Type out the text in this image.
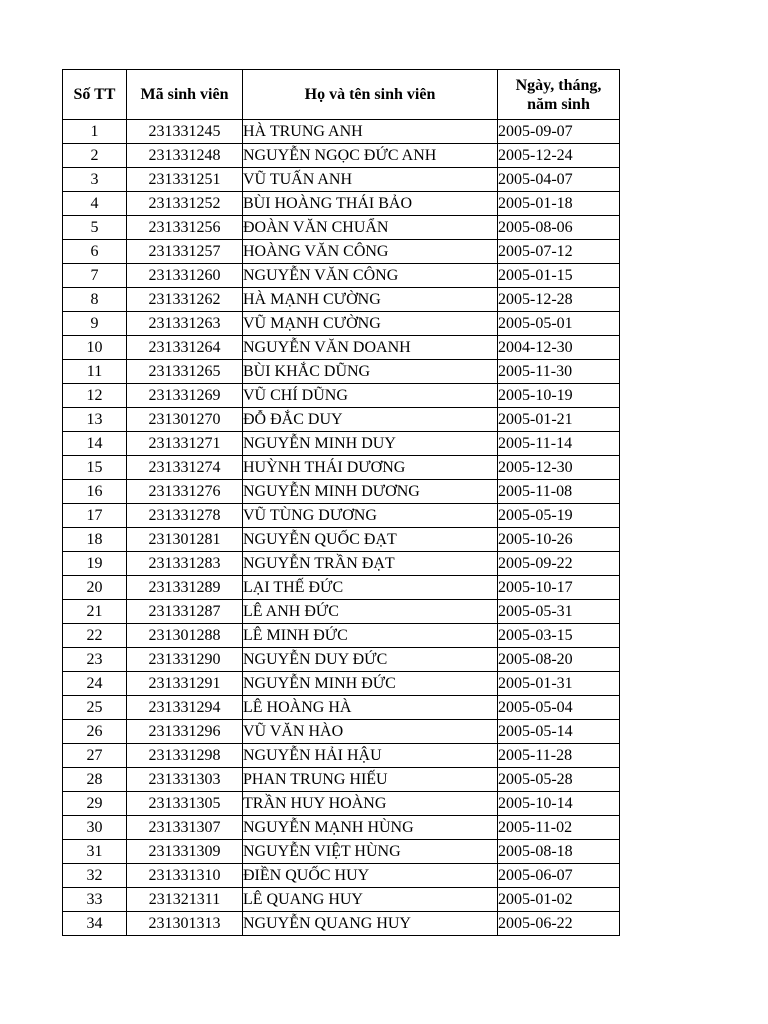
Số TT	Mã sinh viên	Họ và tên sinh viên	Ngày, tháng,
năm sinh

1	231331245	HÀ TRUNG ANH	2005-09-07
2	231331248	NGUYỄN NGỌC ĐỨC ANH	2005-12-24
3	231331251	VŨ TUẤN ANH	2005-04-07
4	231331252	BÙI HOÀNG THÁI BẢO	2005-01-18
5	231331256	ĐOÀN VĂN CHUẨN	2005-08-06
6	231331257	HOÀNG VĂN CÔNG	2005-07-12
7	231331260	NGUYỄN VĂN CÔNG	2005-01-15
8	231331262	HÀ MẠNH CƯỜNG	2005-12-28
9	231331263	VŨ MẠNH CƯỜNG	2005-05-01
10	231331264	NGUYỄN VĂN DOANH	2004-12-30
11	231331265	BÙI KHẮC DŨNG	2005-11-30
12	231331269	VŨ CHÍ DŨNG	2005-10-19
13	231301270	ĐỖ ĐẮC DUY	2005-01-21
14	231331271	NGUYỄN MINH DUY	2005-11-14
15	231331274	HUỲNH THÁI DƯƠNG	2005-12-30
16	231331276	NGUYỄN MINH DƯƠNG	2005-11-08
17	231331278	VŨ TÙNG DƯƠNG	2005-05-19
18	231301281	NGUYỄN QUỐC ĐẠT	2005-10-26
19	231331283	NGUYỄN TRẦN ĐẠT	2005-09-22
20	231331289	LẠI THẾ ĐỨC	2005-10-17
21	231331287	LÊ ANH ĐỨC	2005-05-31
22	231301288	LÊ MINH ĐỨC	2005-03-15
23	231331290	NGUYỄN DUY ĐỨC	2005-08-20
24	231331291	NGUYỄN MINH ĐỨC	2005-01-31
25	231331294	LÊ HOÀNG HÀ	2005-05-04
26	231331296	VŨ VĂN HÀO	2005-05-14
27	231331298	NGUYỄN HẢI HẬU	2005-11-28
28	231331303	PHAN TRUNG HIẾU	2005-05-28
29	231331305	TRẦN HUY HOÀNG	2005-10-14
30	231331307	NGUYỄN MẠNH HÙNG	2005-11-02
31	231331309	NGUYỄN VIỆT HÙNG	2005-08-18
32	231331310	ĐIỀN QUỐC HUY	2005-06-07
33	231321311	LÊ QUANG HUY	2005-01-02
34	231301313	NGUYỄN QUANG HUY	2005-06-22
